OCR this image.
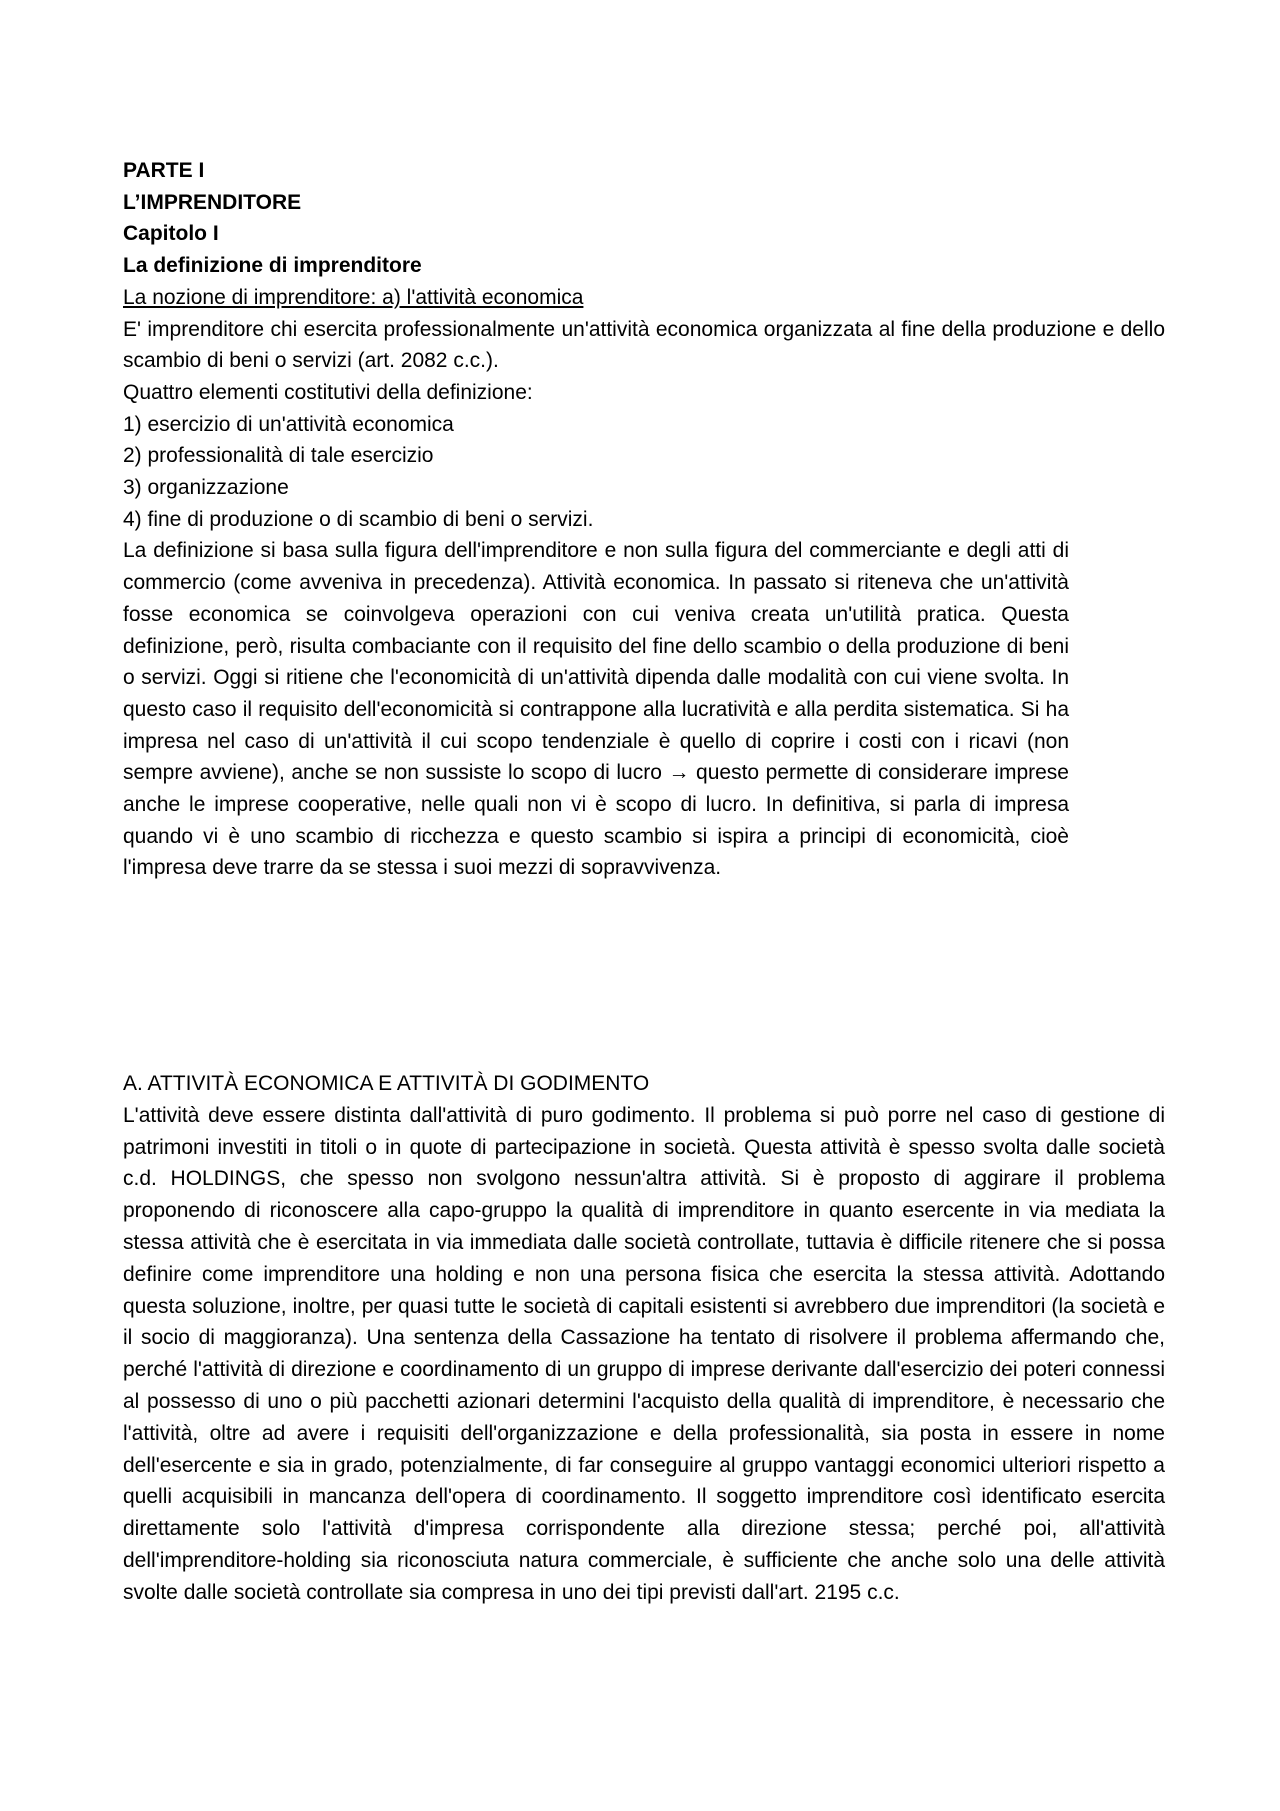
PARTE I
L’IMPRENDITORE
Capitolo I
La definizione di imprenditore
La nozione di imprenditore: a) l'attività economica

E' imprenditore chi esercita professionalmente un'attività economica organizzata al fine della produzione e dello scambio di beni o servizi (art. 2082 c.c.).

Quattro elementi costitutivi della definizione:
1) esercizio di un'attività economica
2) professionalità di tale esercizio
3) organizzazione
4) fine di produzione o di scambio di beni o servizi.

La definizione si basa sulla figura dell'imprenditore e non sulla figura del commerciante e degli atti di commercio (come avveniva in precedenza). Attività economica. In passato si riteneva che un'attività fosse economica se coinvolgeva operazioni con cui veniva creata un'utilità pratica. Questa definizione, però, risulta combaciante con il requisito del fine dello scambio o della produzione di beni o servizi. Oggi si ritiene che l'economicità di un'attività dipenda dalle modalità con cui viene svolta. In questo caso il requisito dell'economicità si contrappone alla lucratività e alla perdita sistematica. Si ha impresa nel caso di un'attività il cui scopo tendenziale è quello di coprire i costi con i ricavi (non sempre avviene), anche se non sussiste lo scopo di lucro → questo permette di considerare imprese anche le imprese cooperative, nelle quali non vi è scopo di lucro. In definitiva, si parla di impresa quando vi è uno scambio di ricchezza e questo scambio si ispira a principi di economicità, cioè l'impresa deve trarre da se stessa i suoi mezzi di sopravvivenza.

A. ATTIVITÀ ECONOMICA E ATTIVITÀ DI GODIMENTO

L'attività deve essere distinta dall'attività di puro godimento. Il problema si può porre nel caso di gestione di patrimoni investiti in titoli o in quote di partecipazione in società. Questa attività è spesso svolta dalle società c.d. HOLDINGS, che spesso non svolgono nessun'altra attività. Si è proposto di aggirare il problema proponendo di riconoscere alla capo-gruppo la qualità di imprenditore in quanto esercente in via mediata la stessa attività che è esercitata in via immediata dalle società controllate, tuttavia è difficile ritenere che si possa definire come imprenditore una holding e non una persona fisica che esercita la stessa attività. Adottando questa soluzione, inoltre, per quasi tutte le società di capitali esistenti si avrebbero due imprenditori (la società e il socio di maggioranza). Una sentenza della Cassazione ha tentato di risolvere il problema affermando che, perché l'attività di direzione e coordinamento di un gruppo di imprese derivante dall'esercizio dei poteri connessi al possesso di uno o più pacchetti azionari determini l'acquisto della qualità di imprenditore, è necessario che l'attività, oltre ad avere i requisiti dell'organizzazione e della professionalità, sia posta in essere in nome dell'esercente e sia in grado, potenzialmente, di far conseguire al gruppo vantaggi economici ulteriori rispetto a quelli acquisibili in mancanza dell'opera di coordinamento. Il soggetto imprenditore così identificato esercita direttamente solo l'attività d'impresa corrispondente alla direzione stessa; perché poi, all'attività dell'imprenditore-holding sia riconosciuta natura commerciale, è sufficiente che anche solo una delle attività svolte dalle società controllate sia compresa in uno dei tipi previsti dall'art. 2195 c.c.
